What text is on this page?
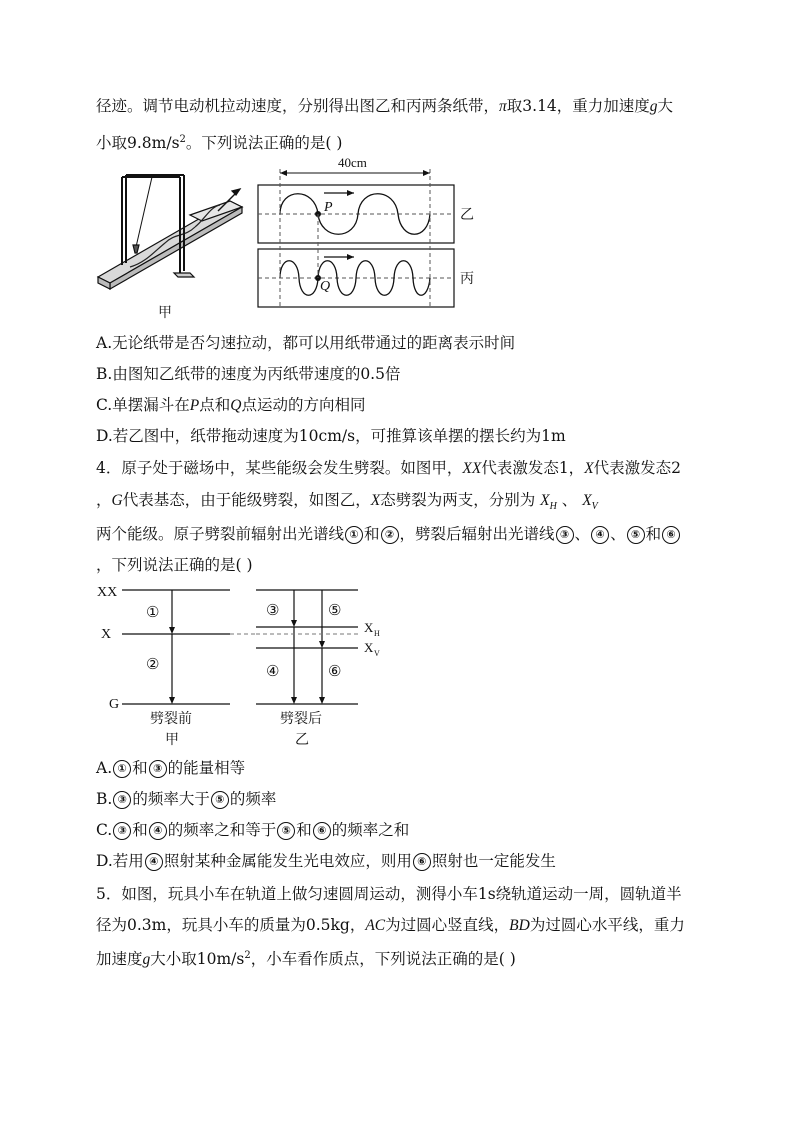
径迹。调节电动机拉动速度，分别得出图乙和丙两条纸带，π取3.14，重力加速度g大
小取$9.8m/s^2$。下列说法正确的是( )
甲
P
乙
Q	丙
40cm
A.无论纸带是否匀速拉动，都可以用纸带通过的距离表示时间
B.由图知乙纸带的速度为丙纸带速度的0.5倍
C.单摆漏斗在P点和Q点运动的方向相同
D.若乙图中，纸带拖动速度为10cm/s，可推算该单摆的摆长约为1m
4．原子处于磁场中，某些能级会发生劈裂。如图甲，XX代表激发态1，X代表激发态2
，G代表基态，由于能级劈裂，如图乙，X态劈裂为两支，分别为 $X_H$ 、 $X_V$
两个能级。原子劈裂前辐射出光谱线 ① 和 ② ，劈裂后辐射出光谱线 ③ 、 ④ 、 ⑤ 和 ⑥
，下列说法正确的是( )
XX
X
G
①
②
③	⑤
④	⑥
X H
X V
劈裂前
甲
劈裂后
乙
A. ① 和 ③ 的能量相等
B. ③ 的频率大于 ⑤ 的频率
C. ③ 和 ④ 的频率之和等于 ⑤ 和 ⑥ 的频率之和
D.若用 ④ 照射某种金属能发生光电效应，则用 ⑥ 照射也一定能发生
5．如图，玩具小车在轨道上做匀速圆周运动，测得小车1s绕轨道运动一周，圆轨道半
径为0.3m，玩具小车的质量为0.5kg，AC为过圆心竖直线，BD为过圆心水平线，重力
加速度g大小取$10m/s^2$，小车看作质点，下列说法正确的是( )
